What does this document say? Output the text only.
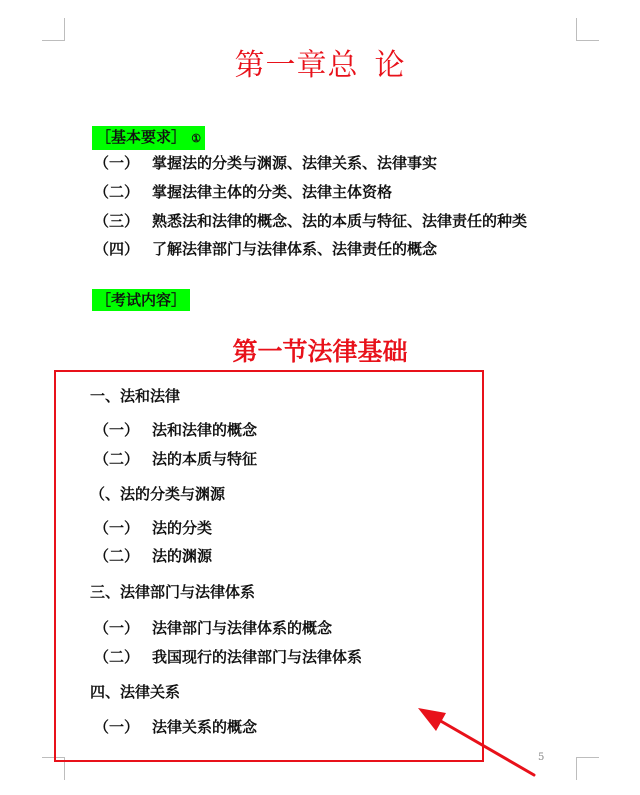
第一章总 论
［基本要求］ ①
（一） 掌握法的分类与渊源、法律关系、法律事实
（二） 掌握法律主体的分类、法律主体资格
（三） 熟悉法和法律的概念、法的本质与特征、法律责任的种类
（四） 了解法律部门与法律体系、法律责任的概念
［考试内容］
第一节法律基础
一、法和法律
（一） 法和法律的概念
（二） 法的本质与特征
（、法的分类与渊源
（一） 法的分类
（二） 法的渊源
三、法律部门与法律体系
（一） 法律部门与法律体系的概念
（二） 我国现行的法律部门与法律体系
四、法律关系
（一） 法律关系的概念
5
